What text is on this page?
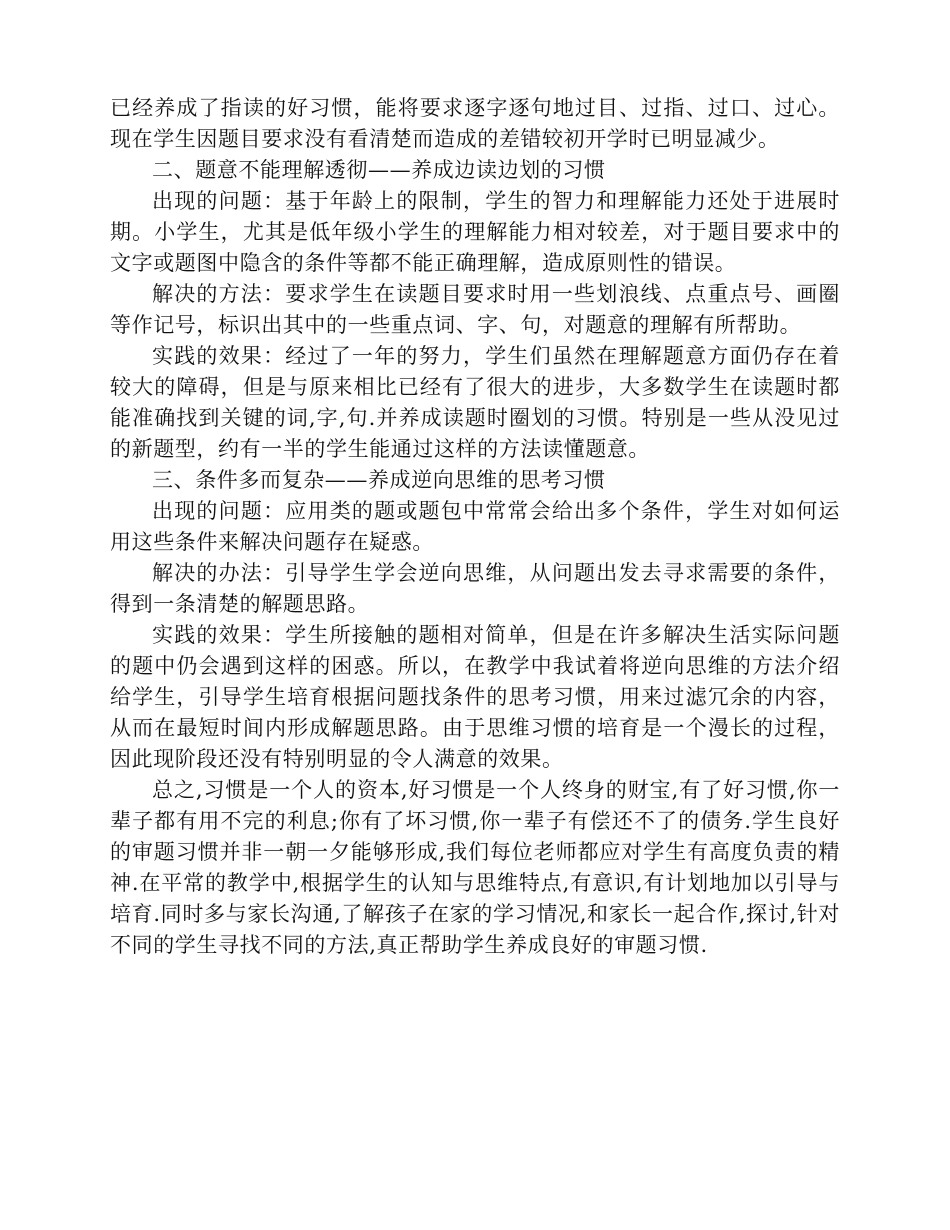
已经养成了指读的好习惯，能将要求逐字逐句地过目、过指、过口、过心。现在学生因题目要求没有看清楚而造成的差错较初开学时已明显减少。

二、题意不能理解透彻——养成边读边划的习惯

出现的问题：基于年龄上的限制，学生的智力和理解能力还处于进展时期。小学生，尤其是低年级小学生的理解能力相对较差，对于题目要求中的文字或题图中隐含的条件等都不能正确理解，造成原则性的错误。

解决的方法：要求学生在读题目要求时用一些划浪线、点重点号、画圈等作记号，标识出其中的一些重点词、字、句，对题意的理解有所帮助。

实践的效果：经过了一年的努力，学生们虽然在理解题意方面仍存在着较大的障碍，但是与原来相比已经有了很大的进步，大多数学生在读题时都能准确找到关键的词,字,句.并养成读题时圈划的习惯。特别是一些从没见过的新题型，约有一半的学生能通过这样的方法读懂题意。

三、条件多而复杂——养成逆向思维的思考习惯

出现的问题：应用类的题或题包中常常会给出多个条件，学生对如何运用这些条件来解决问题存在疑惑。

解决的办法：引导学生学会逆向思维，从问题出发去寻求需要的条件，得到一条清楚的解题思路。

实践的效果：学生所接触的题相对简单，但是在许多解决生活实际问题的题中仍会遇到这样的困惑。所以，在教学中我试着将逆向思维的方法介绍给学生，引导学生培育根据问题找条件的思考习惯，用来过滤冗余的内容，从而在最短时间内形成解题思路。由于思维习惯的培育是一个漫长的过程，因此现阶段还没有特别明显的令人满意的效果。

总之,习惯是一个人的资本,好习惯是一个人终身的财宝,有了好习惯,你一辈子都有用不完的利息;你有了坏习惯,你一辈子有偿还不了的债务.学生良好的审题习惯并非一朝一夕能够形成,我们每位老师都应对学生有高度负责的精神.在平常的教学中,根据学生的认知与思维特点,有意识,有计划地加以引导与培育.同时多与家长沟通,了解孩子在家的学习情况,和家长一起合作,探讨,针对不同的学生寻找不同的方法,真正帮助学生养成良好的审题习惯.
